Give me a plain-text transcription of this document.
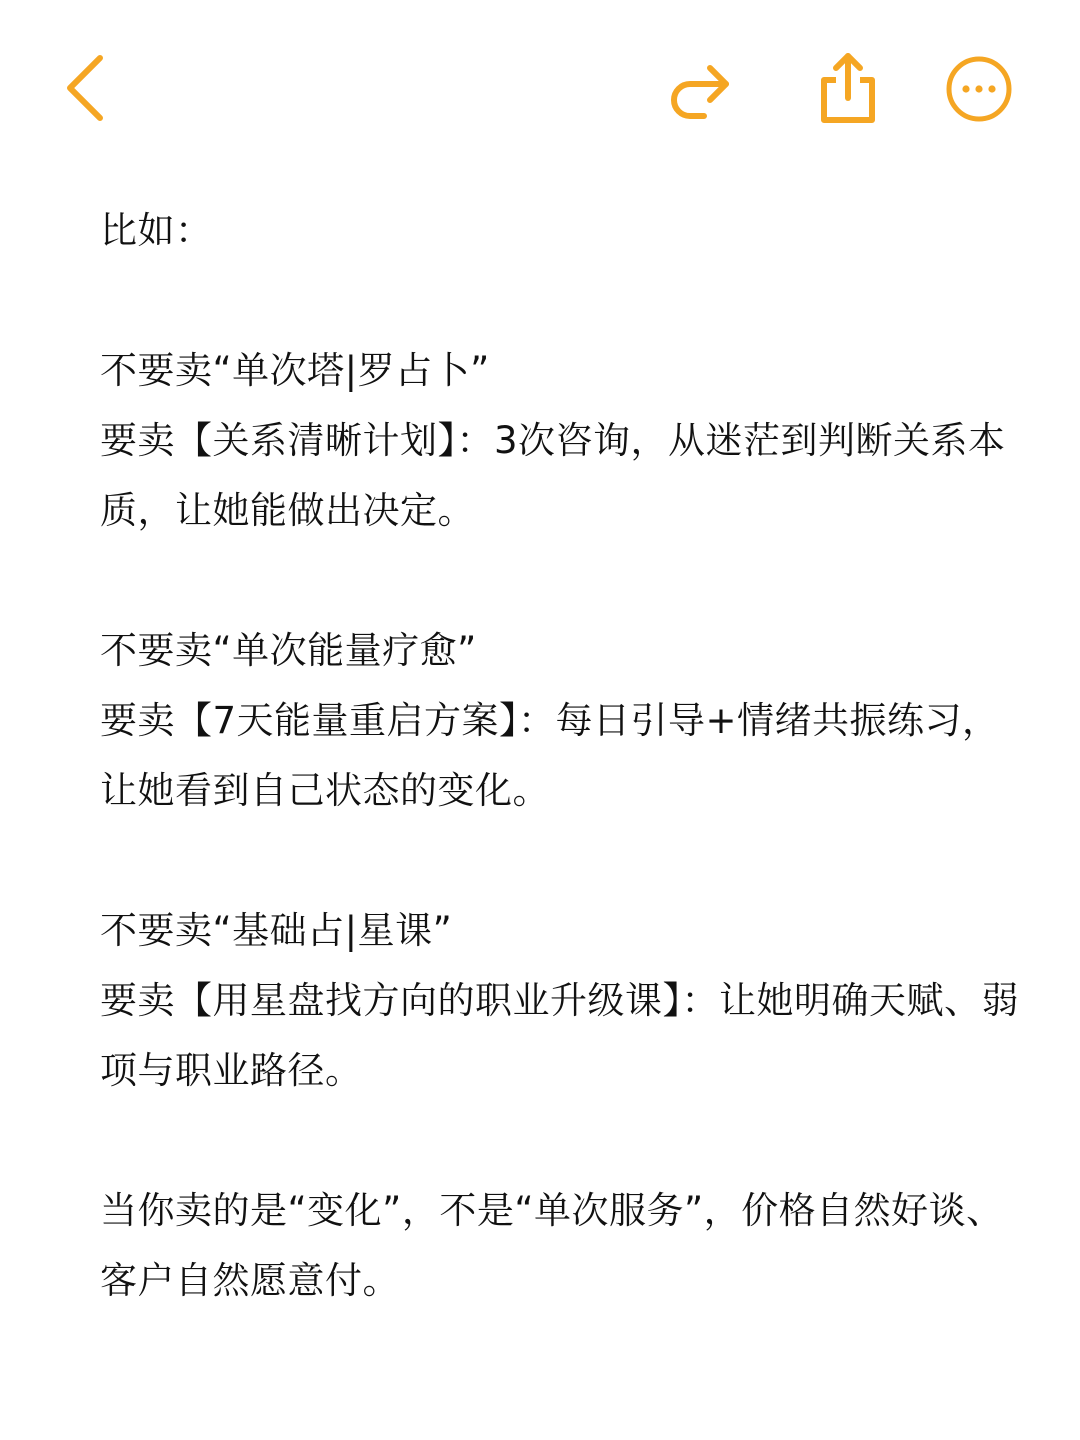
比如：

不要卖“单次塔|罗占卜”

要卖【关系清晰计划】：3次咨询，从迷茫到判断关系本质，让她能做出决定。

不要卖“单次能量疗愈”

要卖【7天能量重启方案】：每日引导+情绪共振练习，让她看到自己状态的变化。

不要卖“基础占|星课”

要卖【用星盘找方向的职业升级课】：让她明确天赋、弱项与职业路径。

当你卖的是“变化”，不是“单次服务”，价格自然好谈、客户自然愿意付。
